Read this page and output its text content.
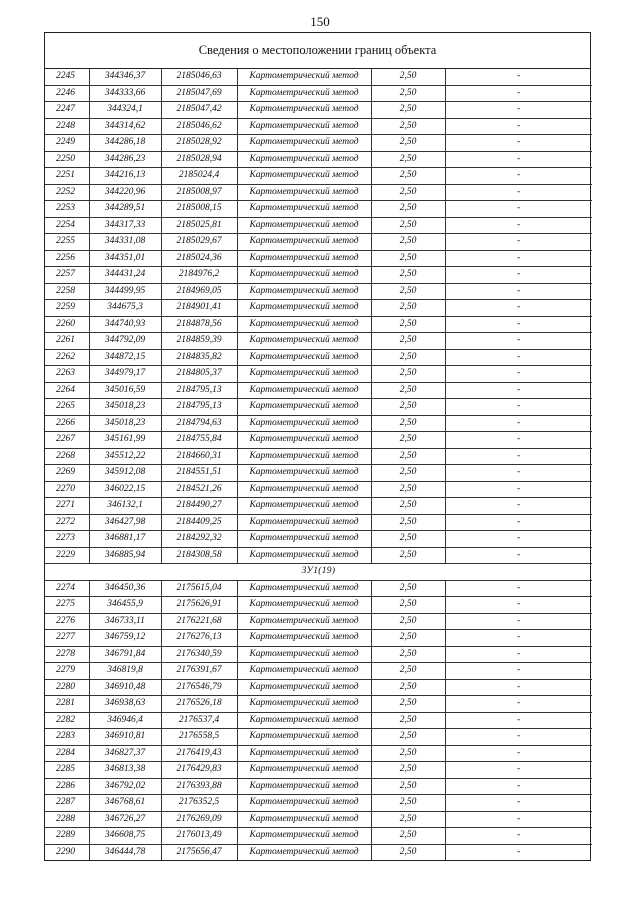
150
Сведения о местоположении границ объекта
2245	344346,37	2185046,63	Картометрический метод	2,50	-
2246	344333,66	2185047,69	Картометрический метод	2,50	-
2247	344324,1	2185047,42	Картометрический метод	2,50	-
2248	344314,62	2185046,62	Картометрический метод	2,50	-
2249	344286,18	2185028,92	Картометрический метод	2,50	-
2250	344286,23	2185028,94	Картометрический метод	2,50	-
2251	344216,13	2185024,4	Картометрический метод	2,50	-
2252	344220,96	2185008,97	Картометрический метод	2,50	-
2253	344289,51	2185008,15	Картометрический метод	2,50	-
2254	344317,33	2185025,81	Картометрический метод	2,50	-
2255	344331,08	2185029,67	Картометрический метод	2,50	-
2256	344351,01	2185024,36	Картометрический метод	2,50	-
2257	344431,24	2184976,2	Картометрический метод	2,50	-
2258	344499,95	2184969,05	Картометрический метод	2,50	-
2259	344675,3	2184901,41	Картометрический метод	2,50	-
2260	344740,93	2184878,56	Картометрический метод	2,50	-
2261	344792,09	2184859,39	Картометрический метод	2,50	-
2262	344872,15	2184835,82	Картометрический метод	2,50	-
2263	344979,17	2184805,37	Картометрический метод	2,50	-
2264	345016,59	2184795,13	Картометрический метод	2,50	-
2265	345018,23	2184795,13	Картометрический метод	2,50	-
2266	345018,23	2184794,63	Картометрический метод	2,50	-
2267	345161,99	2184755,84	Картометрический метод	2,50	-
2268	345512,22	2184660,31	Картометрический метод	2,50	-
2269	345912,08	2184551,51	Картометрический метод	2,50	-
2270	346022,15	2184521,26	Картометрический метод	2,50	-
2271	346132,1	2184490,27	Картометрический метод	2,50	-
2272	346427,98	2184409,25	Картометрический метод	2,50	-
2273	346881,17	2184292,32	Картометрический метод	2,50	-
2229	346885,94	2184308,58	Картометрический метод	2,50	-
ЗУ1(19)					
2274	346450,36	2175615,04	Картометрический метод	2,50	-
2275	346455,9	2175626,91	Картометрический метод	2,50	-
2276	346733,11	2176221,68	Картометрический метод	2,50	-
2277	346759,12	2176276,13	Картометрический метод	2,50	-
2278	346791,84	2176340,59	Картометрический метод	2,50	-
2279	346819,8	2176391,67	Картометрический метод	2,50	-
2280	346910,48	2176546,79	Картометрический метод	2,50	-
2281	346938,63	2176526,18	Картометрический метод	2,50	-
2282	346946,4	2176537,4	Картометрический метод	2,50	-
2283	346910,81	2176558,5	Картометрический метод	2,50	-
2284	346827,37	2176419,43	Картометрический метод	2,50	-
2285	346813,38	2176429,83	Картометрический метод	2,50	-
2286	346792,02	2176393,88	Картометрический метод	2,50	-
2287	346768,61	2176352,5	Картометрический метод	2,50	-
2288	346726,27	2176269,09	Картометрический метод	2,50	-
2289	346608,75	2176013,49	Картометрический метод	2,50	-
2290	346444,78	2175656,47	Картометрический метод	2,50	-
